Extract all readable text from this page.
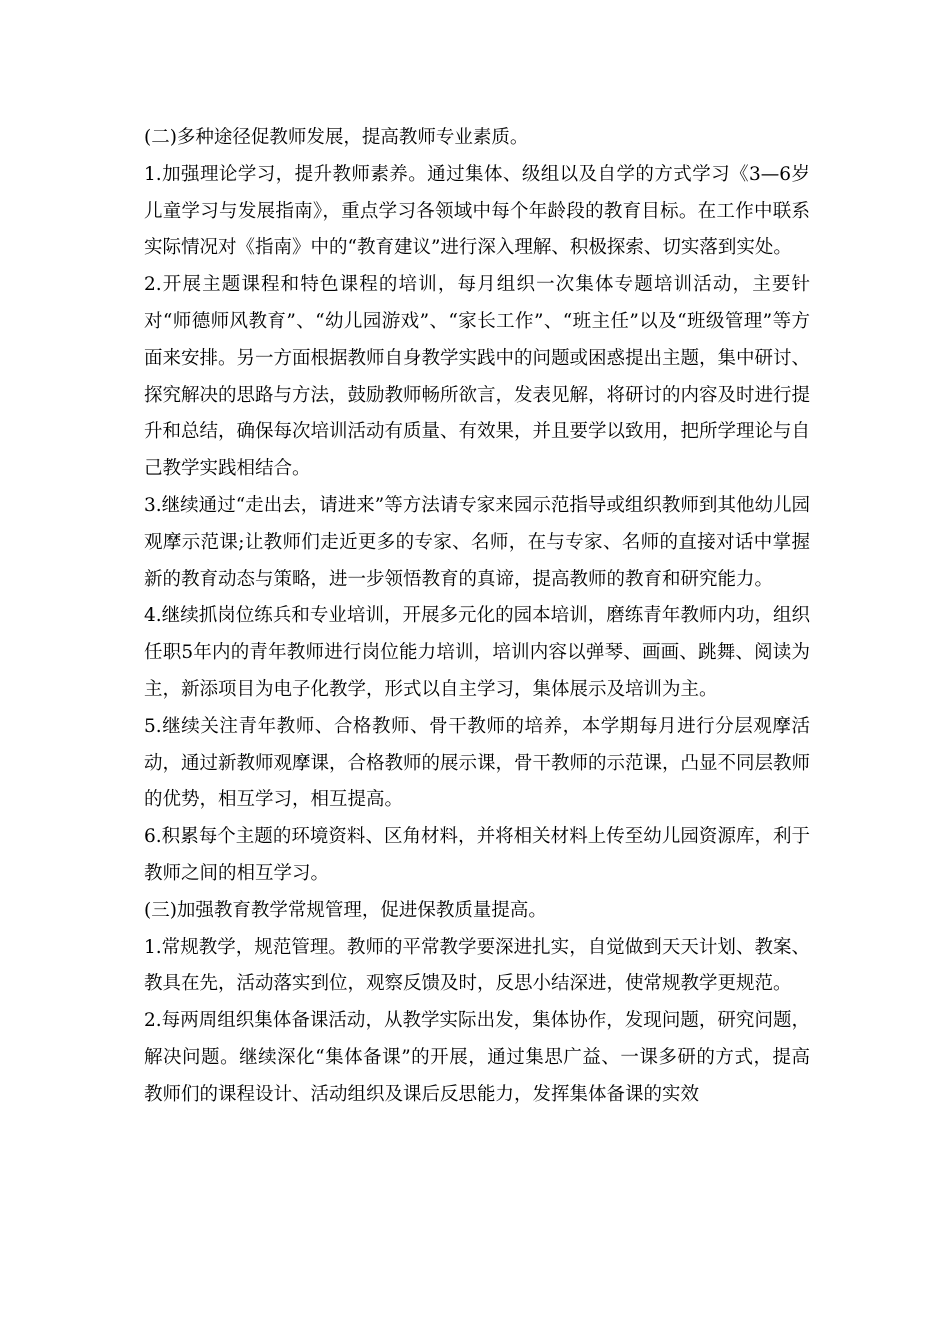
(二)多种途径促教师发展，提高教师专业素质。

1.加强理论学习，提升教师素养。通过集体、级组以及自学的方式学习《3—6岁儿童学习与发展指南》，重点学习各领域中每个年龄段的教育目标。在工作中联系实际情况对《指南》中的“教育建议”进行深入理解、积极探索、切实落到实处。

2.开展主题课程和特色课程的培训，每月组织一次集体专题培训活动，主要针对“师德师风教育”、“幼儿园游戏”、“家长工作”、“班主任”以及“班级管理”等方面来安排。另一方面根据教师自身教学实践中的问题或困惑提出主题，集中研讨、探究解决的思路与方法，鼓励教师畅所欲言，发表见解，将研讨的内容及时进行提升和总结，确保每次培训活动有质量、有效果，并且要学以致用，把所学理论与自己教学实践相结合。

3.继续通过“走出去，请进来”等方法请专家来园示范指导或组织教师到其他幼儿园观摩示范课;让教师们走近更多的专家、名师，在与专家、名师的直接对话中掌握新的教育动态与策略，进一步领悟教育的真谛，提高教师的教育和研究能力。

4.继续抓岗位练兵和专业培训，开展多元化的园本培训，磨练青年教师内功，组织任职5年内的青年教师进行岗位能力培训，培训内容以弹琴、画画、跳舞、阅读为主，新添项目为电子化教学，形式以自主学习，集体展示及培训为主。

5.继续关注青年教师、合格教师、骨干教师的培养，本学期每月进行分层观摩活动，通过新教师观摩课，合格教师的展示课，骨干教师的示范课，凸显不同层教师的优势，相互学习，相互提高。

6.积累每个主题的环境资料、区角材料，并将相关材料上传至幼儿园资源库，利于教师之间的相互学习。

(三)加强教育教学常规管理，促进保教质量提高。

1.常规教学，规范管理。教师的平常教学要深进扎实，自觉做到天天计划、教案、教具在先，活动落实到位，观察反馈及时，反思小结深进，使常规教学更规范。

2.每两周组织集体备课活动，从教学实际出发，集体协作，发现问题，研究问题，解决问题。继续深化“集体备课”的开展，通过集思广益、一课多研的方式，提高教师们的课程设计、活动组织及课后反思能力，发挥集体备课的实效
